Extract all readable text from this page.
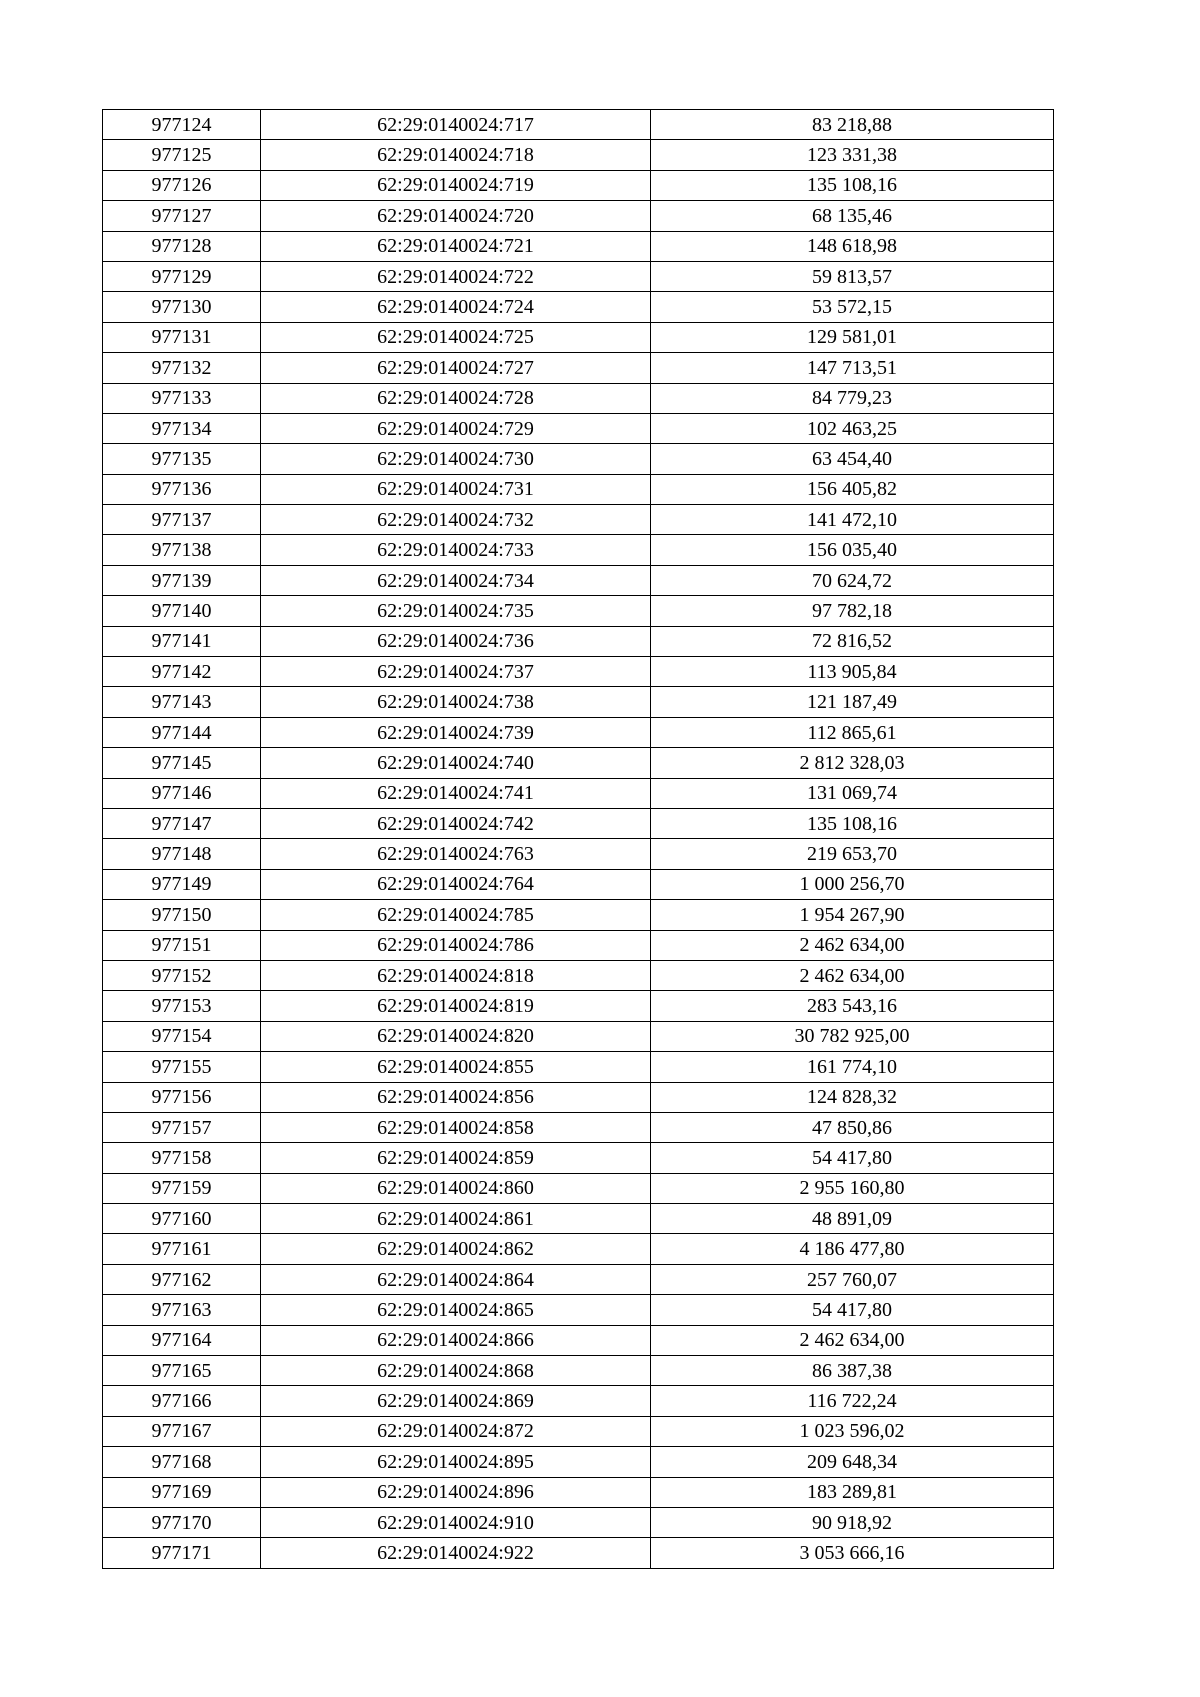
977124	62:29:0140024:717	83 218,88
977125	62:29:0140024:718	123 331,38
977126	62:29:0140024:719	135 108,16
977127	62:29:0140024:720	68 135,46
977128	62:29:0140024:721	148 618,98
977129	62:29:0140024:722	59 813,57
977130	62:29:0140024:724	53 572,15
977131	62:29:0140024:725	129 581,01
977132	62:29:0140024:727	147 713,51
977133	62:29:0140024:728	84 779,23
977134	62:29:0140024:729	102 463,25
977135	62:29:0140024:730	63 454,40
977136	62:29:0140024:731	156 405,82
977137	62:29:0140024:732	141 472,10
977138	62:29:0140024:733	156 035,40
977139	62:29:0140024:734	70 624,72
977140	62:29:0140024:735	97 782,18
977141	62:29:0140024:736	72 816,52
977142	62:29:0140024:737	113 905,84
977143	62:29:0140024:738	121 187,49
977144	62:29:0140024:739	112 865,61
977145	62:29:0140024:740	2 812 328,03
977146	62:29:0140024:741	131 069,74
977147	62:29:0140024:742	135 108,16
977148	62:29:0140024:763	219 653,70
977149	62:29:0140024:764	1 000 256,70
977150	62:29:0140024:785	1 954 267,90
977151	62:29:0140024:786	2 462 634,00
977152	62:29:0140024:818	2 462 634,00
977153	62:29:0140024:819	283 543,16
977154	62:29:0140024:820	30 782 925,00
977155	62:29:0140024:855	161 774,10
977156	62:29:0140024:856	124 828,32
977157	62:29:0140024:858	47 850,86
977158	62:29:0140024:859	54 417,80
977159	62:29:0140024:860	2 955 160,80
977160	62:29:0140024:861	48 891,09
977161	62:29:0140024:862	4 186 477,80
977162	62:29:0140024:864	257 760,07
977163	62:29:0140024:865	54 417,80
977164	62:29:0140024:866	2 462 634,00
977165	62:29:0140024:868	86 387,38
977166	62:29:0140024:869	116 722,24
977167	62:29:0140024:872	1 023 596,02
977168	62:29:0140024:895	209 648,34
977169	62:29:0140024:896	183 289,81
977170	62:29:0140024:910	90 918,92
977171	62:29:0140024:922	3 053 666,16
